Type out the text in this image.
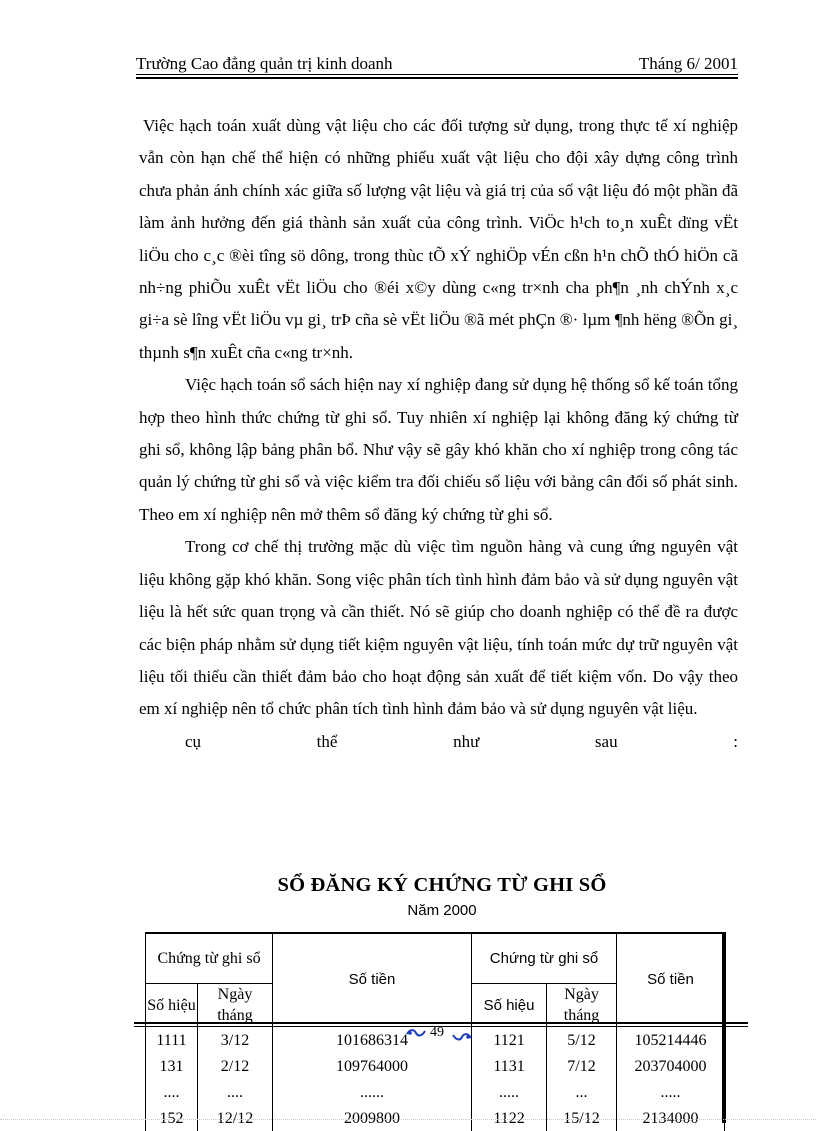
Trường Cao đẳng quản trị kinh doanh	Tháng 6/ 2001

Việc hạch toán xuất dùng vật liệu cho các đối tượng sử dụng, trong thực tế xí nghiệp vẫn còn hạn chế thể hiện có những phiếu xuất vật liệu cho đội xây dựng công trình chưa phản ánh chính xác giữa số lượng vật liệu và giá trị của số vật liệu đó một phần đã làm ảnh hưởng đến giá thành sản xuất của công trình. ViÖc h¹ch to¸n xuÊt dïng vËt liÖu cho c¸c ®èi tîng sö dông, trong thùc tÕ xÝ nghiÖp vÉn cßn h¹n chÕ thÓ hiÖn cã nh÷ng phiÕu xuÊt vËt liÖu cho ®éi x©y dùng c«ng tr×nh cha ph¶n ¸nh chÝnh x¸c gi÷a sè lîng vËt liÖu vµ gi¸ trÞ cña sè vËt liÖu ®ã mét phÇn ®· lµm ¶nh hëng ®Õn gi¸ thµnh s¶n xuÊt cña c«ng tr×nh.

Việc hạch toán sổ sách hiện nay xí nghiệp đang sử dụng hệ thống sổ kế toán tổng hợp theo hình thức chứng từ ghi sổ. Tuy nhiên xí nghiệp lại không đăng ký chứng từ ghi sổ, không lập bảng phân bổ. Như vậy sẽ gây khó khăn cho xí nghiệp trong công tác quản lý chứng từ ghi sổ và việc kiểm tra đối chiếu số liệu với bảng cân đối số phát sinh. Theo em xí nghiệp nên mở thêm sổ đăng ký chứng từ ghi sổ.

Trong cơ chế thị trường mặc dù việc tìm nguồn hàng và cung ứng nguyên vật liệu không gặp khó khăn. Song việc phân tích tình hình đảm bảo và sử dụng nguyên vật liệu là hết sức quan trọng và cần thiết. Nó sẽ giúp cho doanh nghiệp có thể đề ra được các biện pháp nhằm sử dụng tiết kiệm nguyên vật liệu, tính toán mức dự trữ nguyên vật liệu tối thiểu cần thiết đảm bảo cho hoạt động sản xuất để tiết kiệm vốn. Do vậy theo em xí nghiệp nên tổ chức phân tích tình hình đảm bảo và sử dụng nguyên vật liệu.

cụ	thể	như	sau	:
SỔ ĐĂNG KÝ CHỨNG TỪ GHI SỔ
Năm 2000
Chứng từ ghi sổ		Số tiền	Chứng từ ghi sổ		Số tiền
Số hiệu	Ngày tháng		Số hiệu	Ngày tháng	
1111	3/12	101686314	1121	5/12	105214446
131	2/12	109764000	1131	7/12	203704000
....	....	......	.....	...	.....
152	12/12	2009800	1122	15/12	2134000
49
